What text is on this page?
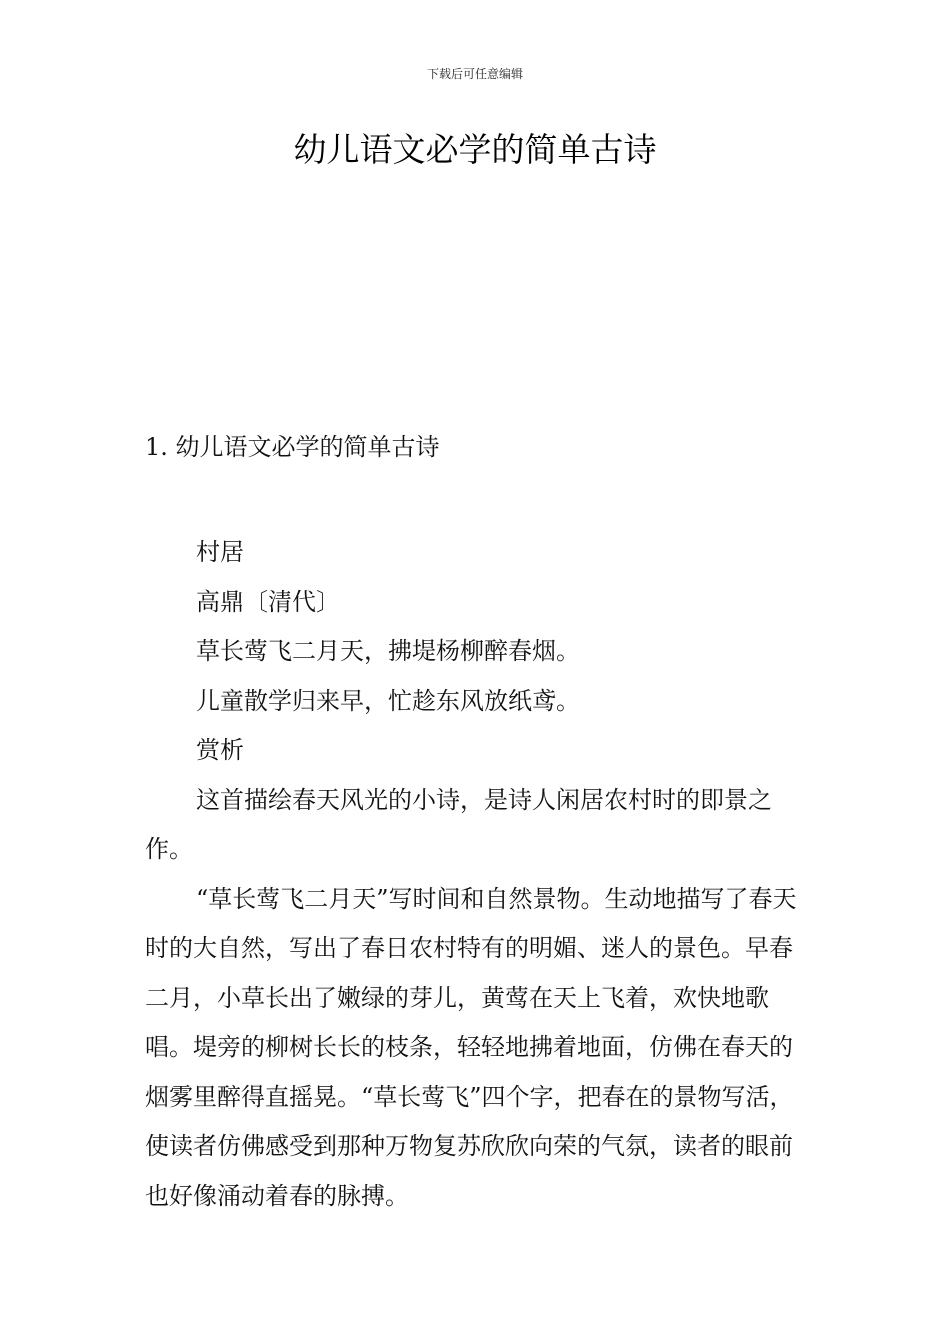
下载后可任意编辑
幼儿语文必学的简单古诗
1. 幼儿语文必学的简单古诗

村居

高鼎〔清代〕

草长莺飞二月天，拂堤杨柳醉春烟。

儿童散学归来早，忙趁东风放纸鸢。

赏析

这首描绘春天风光的小诗，是诗人闲居农村时的即景之作。

“草长莺飞二月天”写时间和自然景物。生动地描写了春天时的大自然，写出了春日农村特有的明媚、迷人的景色。早春二月，小草长出了嫩绿的芽儿，黄莺在天上飞着，欢快地歌唱。堤旁的柳树长长的枝条，轻轻地拂着地面，仿佛在春天的烟雾里醉得直摇晃。“草长莺飞”四个字，把春在的景物写活，使读者仿佛感受到那种万物复苏欣欣向荣的气氛，读者的眼前也好像涌动着春的脉搏。
